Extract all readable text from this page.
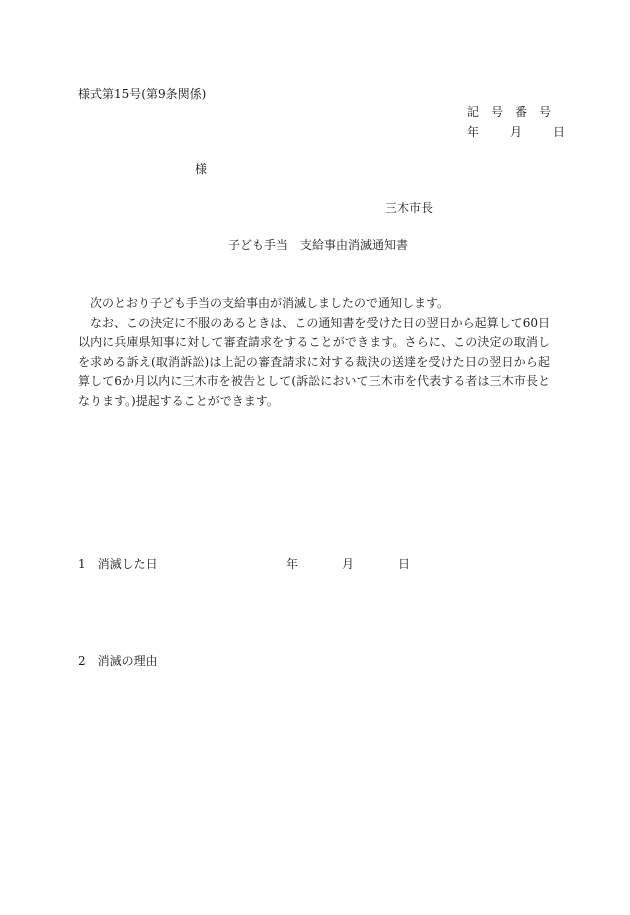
様式第15号(第9条関係)
記 号 番 号
年	月	日
様
三木市長
子ども手当 支給事由消滅通知書

次のとおり子ども手当の支給事由が消滅しましたので通知します。

なお、この決定に不服のあるときは、この通知書を受けた日の翌日から起算して60日以内に兵庫県知事に対して審査請求をすることができます。さらに、この決定の取消しを求める訴え(取消訴訟)は上記の審査請求に対する裁決の送達を受けた日の翌日から起算して6か月以内に三木市を被告として(訴訟において三木市を代表する者は三木市長となります。)提起することができます。

1 消滅した日	年	月	日
2 消滅の理由
